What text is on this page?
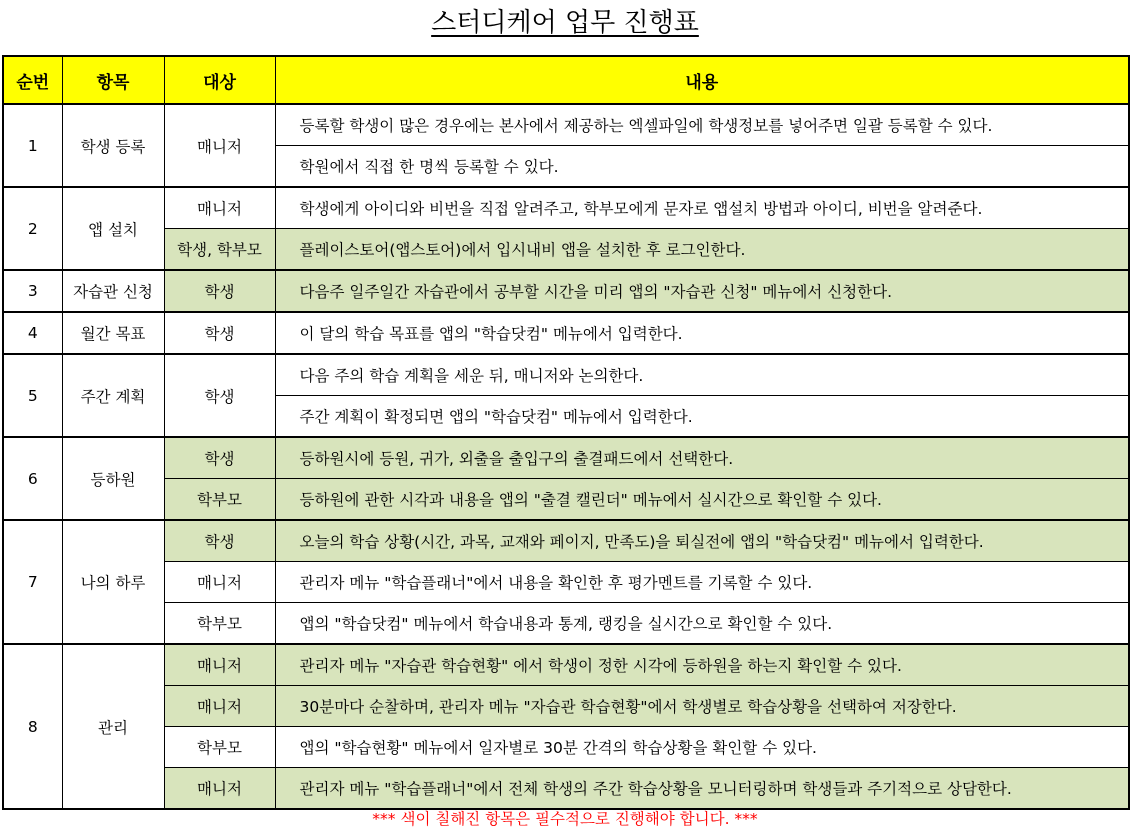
스터디케어 업무 진행표
순번	항목	대상	내용
1	학생 등록	매니저	등록할 학생이 많은 경우에는 본사에서 제공하는 엑셀파일에 학생정보를 넣어주면 일괄 등록할 수 있다.
			학원에서 직접 한 명씩 등록할 수 있다.
2	앱 설치	매니저	학생에게 아이디와 비번을 직접 알려주고, 학부모에게 문자로 앱설치 방법과 아이디, 비번을 알려준다.
		학생, 학부모	플레이스토어(앱스토어)에서 입시내비 앱을 설치한 후 로그인한다.
3	자습관 신청	학생	다음주 일주일간 자습관에서 공부할 시간을 미리 앱의 "자습관 신청" 메뉴에서 신청한다.
4	월간 목표	학생	이 달의 학습 목표를 앱의 "학습닷컴" 메뉴에서 입력한다.
5	주간 계획	학생	다음 주의 학습 계획을 세운 뒤, 매니저와 논의한다.
			주간 계획이 확정되면 앱의 "학습닷컴" 메뉴에서 입력한다.
6	등하원	학생	등하원시에 등원, 귀가, 외출을 출입구의 출결패드에서 선택한다.
		학부모	등하원에 관한 시각과 내용을 앱의 "출결 캘린더" 메뉴에서 실시간으로 확인할 수 있다.
7	나의 하루	학생	오늘의 학습 상황(시간, 과목, 교재와 페이지, 만족도)을 퇴실전에 앱의 "학습닷컴" 메뉴에서 입력한다.
		매니저	관리자 메뉴 "학습플래너"에서 내용을 확인한 후 평가멘트를 기록할 수 있다.
		학부모	앱의 "학습닷컴" 메뉴에서 학습내용과 통계, 랭킹을 실시간으로 확인할 수 있다.
8	관리	매니저	관리자 메뉴 "자습관 학습현황" 에서 학생이 정한 시각에 등하원을 하는지 확인할 수 있다.
		매니저	30분마다 순찰하며, 관리자 메뉴 "자습관 학습현황"에서 학생별로 학습상황을 선택하여 저장한다.
		학부모	앱의 "학습현황" 메뉴에서 일자별로 30분 간격의 학습상황을 확인할 수 있다.
		매니저	관리자 메뉴 "학습플래너"에서 전체 학생의 주간 학습상황을 모니터링하며 학생들과 주기적으로 상담한다.
*** 색이 칠해진 항목은 필수적으로 진행해야 합니다. ***
